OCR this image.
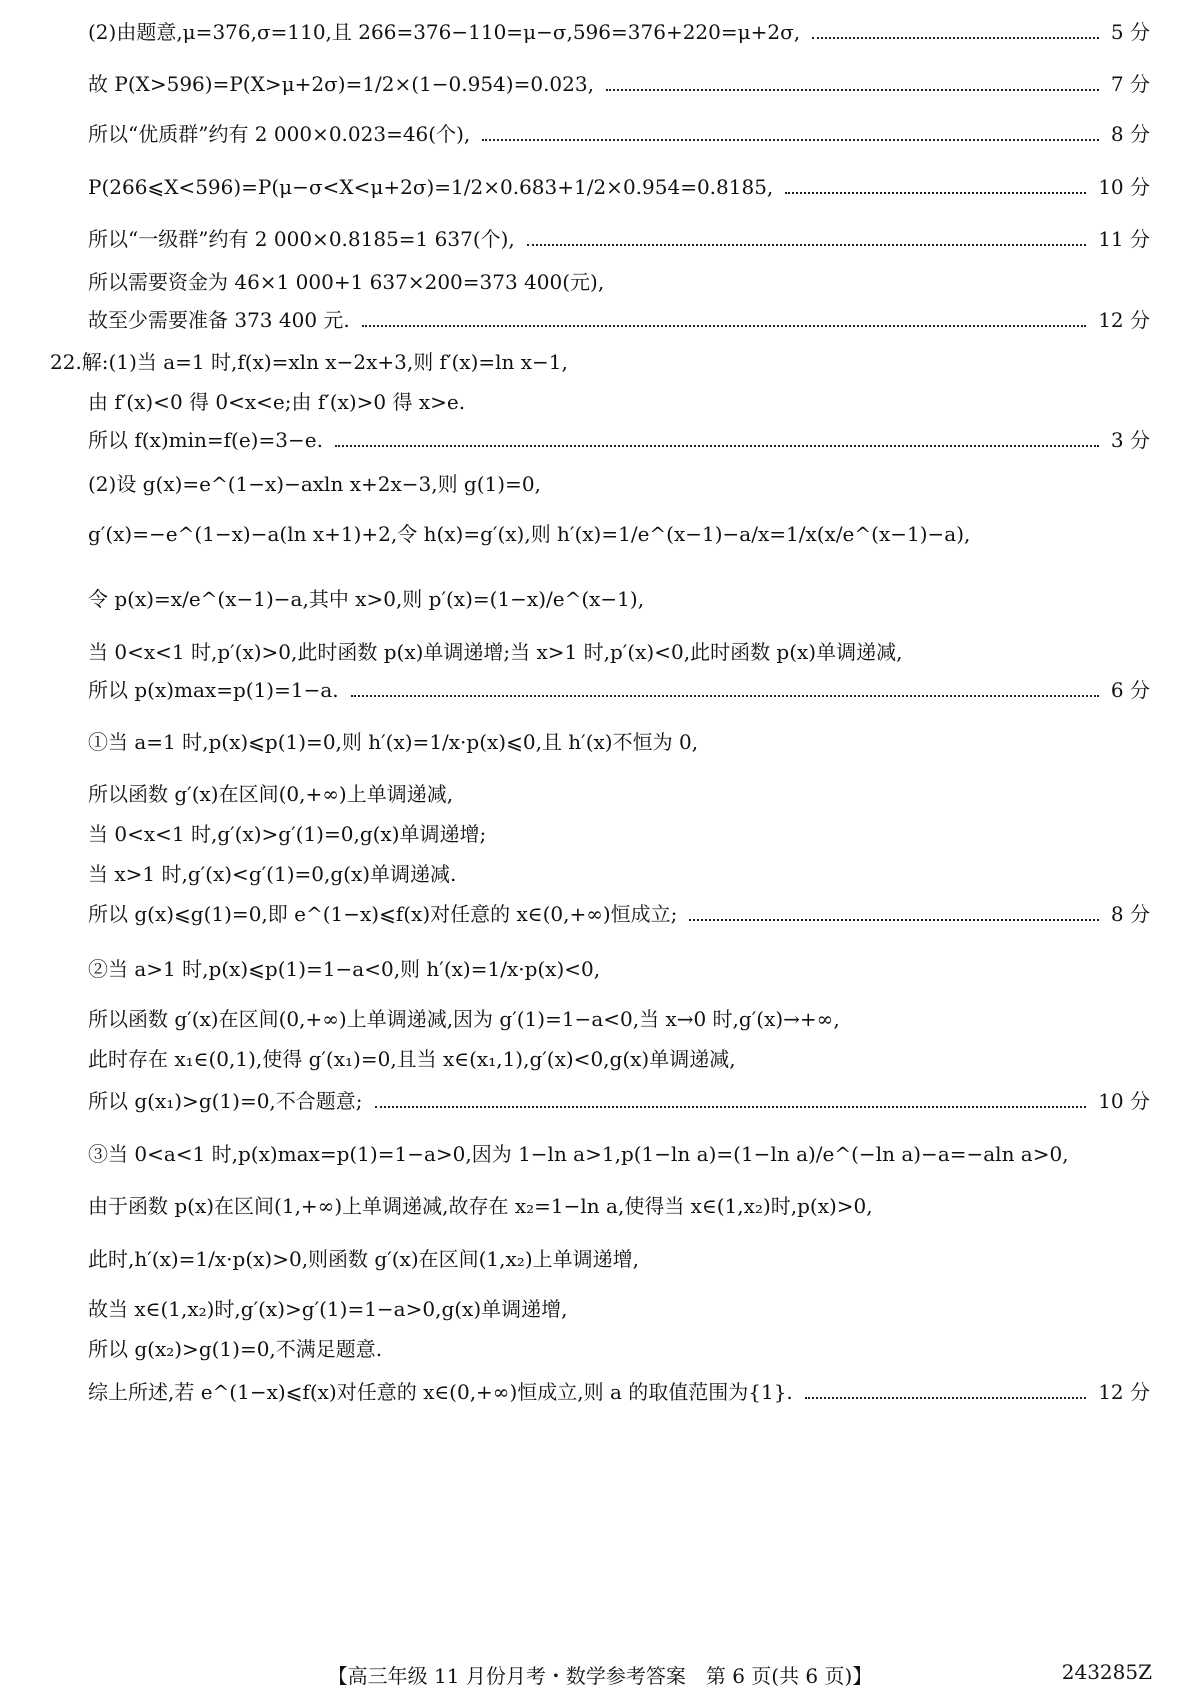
(2)由题意,μ=376,σ=110,且 266=376−110=μ−σ,596=376+220=μ+2σ,	5 分
故 P(X>596)=P(X>μ+2σ)=1/2×(1−0.954)=0.023,	7 分
所以“优质群”约有 2 000×0.023=46(个),	8 分
P(266⩽X<596)=P(μ−σ<X<μ+2σ)=1/2×0.683+1/2×0.954=0.8185,	10 分
所以“一级群”约有 2 000×0.8185=1 637(个),	11 分
所以需要资金为 46×1 000+1 637×200=373 400(元),
故至少需要准备 373 400 元.	12 分
22.解:(1)当 a=1 时,f(x)=xln x−2x+3,则 f′(x)=ln x−1,
由 f′(x)<0 得 0<x<e;由 f′(x)>0 得 x>e.
所以 f(x)min=f(e)=3−e.	3 分
(2)设 g(x)=e^(1−x)−axln x+2x−3,则 g(1)=0,
g′(x)=−e^(1−x)−a(ln x+1)+2,令 h(x)=g′(x),则 h′(x)=1/e^(x−1)−a/x=1/x(x/e^(x−1)−a),
令 p(x)=x/e^(x−1)−a,其中 x>0,则 p′(x)=(1−x)/e^(x−1),
当 0<x<1 时,p′(x)>0,此时函数 p(x)单调递增;当 x>1 时,p′(x)<0,此时函数 p(x)单调递减,
所以 p(x)max=p(1)=1−a.	6 分
①当 a=1 时,p(x)⩽p(1)=0,则 h′(x)=1/x·p(x)⩽0,且 h′(x)不恒为 0,
所以函数 g′(x)在区间(0,+∞)上单调递减,
当 0<x<1 时,g′(x)>g′(1)=0,g(x)单调递增;
当 x>1 时,g′(x)<g′(1)=0,g(x)单调递减.
所以 g(x)⩽g(1)=0,即 e^(1−x)⩽f(x)对任意的 x∈(0,+∞)恒成立;	8 分
②当 a>1 时,p(x)⩽p(1)=1−a<0,则 h′(x)=1/x·p(x)<0,
所以函数 g′(x)在区间(0,+∞)上单调递减,因为 g′(1)=1−a<0,当 x→0 时,g′(x)→+∞,
此时存在 x₁∈(0,1),使得 g′(x₁)=0,且当 x∈(x₁,1),g′(x)<0,g(x)单调递减,
所以 g(x₁)>g(1)=0,不合题意;	10 分
③当 0<a<1 时,p(x)max=p(1)=1−a>0,因为 1−ln a>1,p(1−ln a)=(1−ln a)/e^(−ln a)−a=−aln a>0,
由于函数 p(x)在区间(1,+∞)上单调递减,故存在 x₂=1−ln a,使得当 x∈(1,x₂)时,p(x)>0,
此时,h′(x)=1/x·p(x)>0,则函数 g′(x)在区间(1,x₂)上单调递增,
故当 x∈(1,x₂)时,g′(x)>g′(1)=1−a>0,g(x)单调递增,
所以 g(x₂)>g(1)=0,不满足题意.
综上所述,若 e^(1−x)⩽f(x)对任意的 x∈(0,+∞)恒成立,则 a 的取值范围为{1}.	12 分
【高三年级 11 月份月考・数学参考答案　第 6 页(共 6 页)】	243285Z
